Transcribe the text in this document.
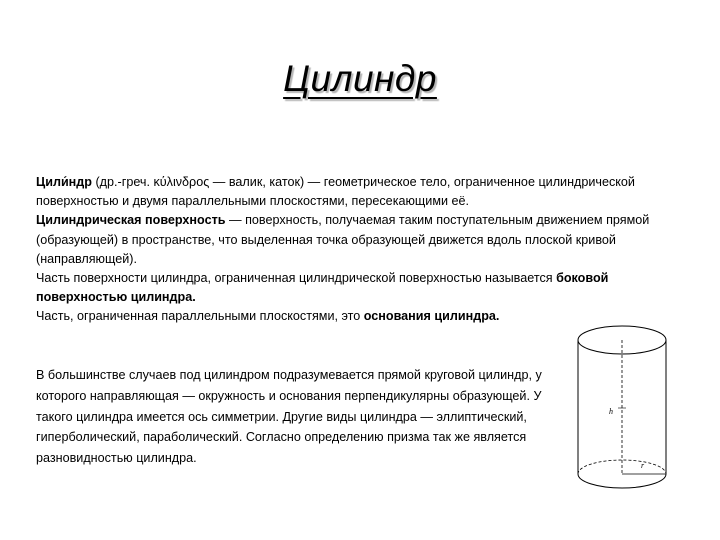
Цилиндр

Цили́ндр (др.-греч. κύλινδρος — валик, каток) — геометрическое тело, ограниченное цилиндрической поверхностью и двумя параллельными плоскостями, пересекающими её.

Цилиндрическая поверхность — поверхность, получаемая таким поступательным движением прямой (образующей) в пространстве, что выделенная точка образующей движется вдоль плоской кривой (направляющей).

Часть поверхности цилиндра, ограниченная цилиндрической поверхностью называется боковой поверхностью цилиндра.

Часть, ограниченная параллельными плоскостями, это основания цилиндра.

В большинстве случаев под цилиндром подразумевается прямой круговой цилиндр, у которого направляющая — окружность и основания перпендикулярны образующей. У такого цилиндра имеется ось симметрии. Другие виды цилиндра — эллиптический, гиперболический, параболический. Согласно определению призма так же является разновидностью цилиндра.

h
r
